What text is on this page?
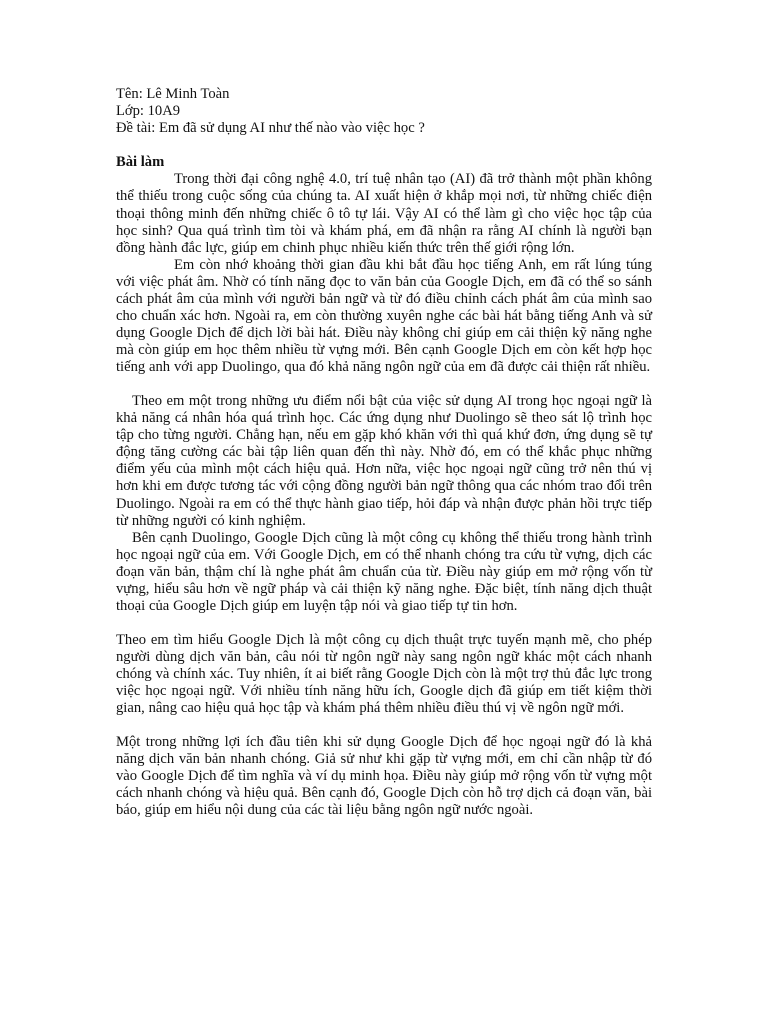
Tên: Lê Minh Toàn

Lớp: 10A9

Đề tài: Em đã sử dụng AI như thế nào vào việc học ?

Bài làm

Trong thời đại công nghệ 4.0, trí tuệ nhân tạo (AI) đã trở thành một phần không thể thiếu trong cuộc sống của chúng ta. AI xuất hiện ở khắp mọi nơi, từ những chiếc điện thoại thông minh đến những chiếc ô tô tự lái. Vậy AI có thể làm gì cho việc học tập của học sinh? Qua quá trình tìm tòi và khám phá, em đã nhận ra rằng AI chính là người bạn đồng hành đắc lực, giúp em chinh phục nhiều kiến thức trên thế giới rộng lớn.

Em còn nhớ khoảng thời gian đầu khi bắt đầu học tiếng Anh, em rất lúng túng với việc phát âm. Nhờ có tính năng đọc to văn bản của Google Dịch, em đã có thể so sánh cách phát âm của mình với người bản ngữ và từ đó điều chỉnh cách phát âm của mình sao cho chuẩn xác hơn. Ngoài ra, em còn thường xuyên nghe các bài hát bằng tiếng Anh và sử dụng Google Dịch để dịch lời bài hát. Điều này không chỉ giúp em cải thiện kỹ năng nghe mà còn giúp em học thêm nhiều từ vựng mới. Bên cạnh Google Dịch em còn kết hợp học tiếng anh với app Duolingo, qua đó khả năng ngôn ngữ của em đã được cải thiện rất nhiều.

Theo em một trong những ưu điểm nổi bật của việc sử dụng AI trong học ngoại ngữ là khả năng cá nhân hóa quá trình học. Các ứng dụng như Duolingo sẽ theo sát lộ trình học tập cho từng người. Chẳng hạn, nếu em gặp khó khăn với thì quá khứ đơn, ứng dụng sẽ tự động tăng cường các bài tập liên quan đến thì này. Nhờ đó, em có thể khắc phục những điểm yếu của mình một cách hiệu quả. Hơn nữa, việc học ngoại ngữ cũng trở nên thú vị hơn khi em được tương tác với cộng đồng người bản ngữ thông qua các nhóm trao đổi trên Duolingo. Ngoài ra em có thể thực hành giao tiếp, hỏi đáp và nhận được phản hồi trực tiếp từ những người có kinh nghiệm.

Bên cạnh Duolingo, Google Dịch cũng là một công cụ không thể thiếu trong hành trình học ngoại ngữ của em. Với Google Dịch, em có thể nhanh chóng tra cứu từ vựng, dịch các đoạn văn bản, thậm chí là nghe phát âm chuẩn của từ. Điều này giúp em mở rộng vốn từ vựng, hiểu sâu hơn về ngữ pháp và cải thiện kỹ năng nghe. Đặc biệt, tính năng dịch thuật thoại của Google Dịch giúp em luyện tập nói và giao tiếp tự tin hơn.

Theo em tìm hiểu Google Dịch là một công cụ dịch thuật trực tuyến mạnh mẽ, cho phép người dùng dịch văn bản, câu nói từ ngôn ngữ này sang ngôn ngữ khác một cách nhanh chóng và chính xác. Tuy nhiên, ít ai biết rằng Google Dịch còn là một trợ thủ đắc lực trong việc học ngoại ngữ. Với nhiều tính năng hữu ích, Google dịch đã giúp em tiết kiệm thời gian, nâng cao hiệu quả học tập và khám phá thêm nhiều điều thú vị về ngôn ngữ mới.

Một trong những lợi ích đầu tiên khi sử dụng Google Dịch để học ngoại ngữ đó là khả năng dịch văn bản nhanh chóng. Giả sử như khi gặp từ vựng mới, em chỉ cần nhập từ đó vào Google Dịch để tìm nghĩa và ví dụ minh họa. Điều này giúp mở rộng vốn từ vựng một cách nhanh chóng và hiệu quả. Bên cạnh đó, Google Dịch còn hỗ trợ dịch cả đoạn văn, bài báo, giúp em hiểu nội dung của các tài liệu bằng ngôn ngữ nước ngoài.
